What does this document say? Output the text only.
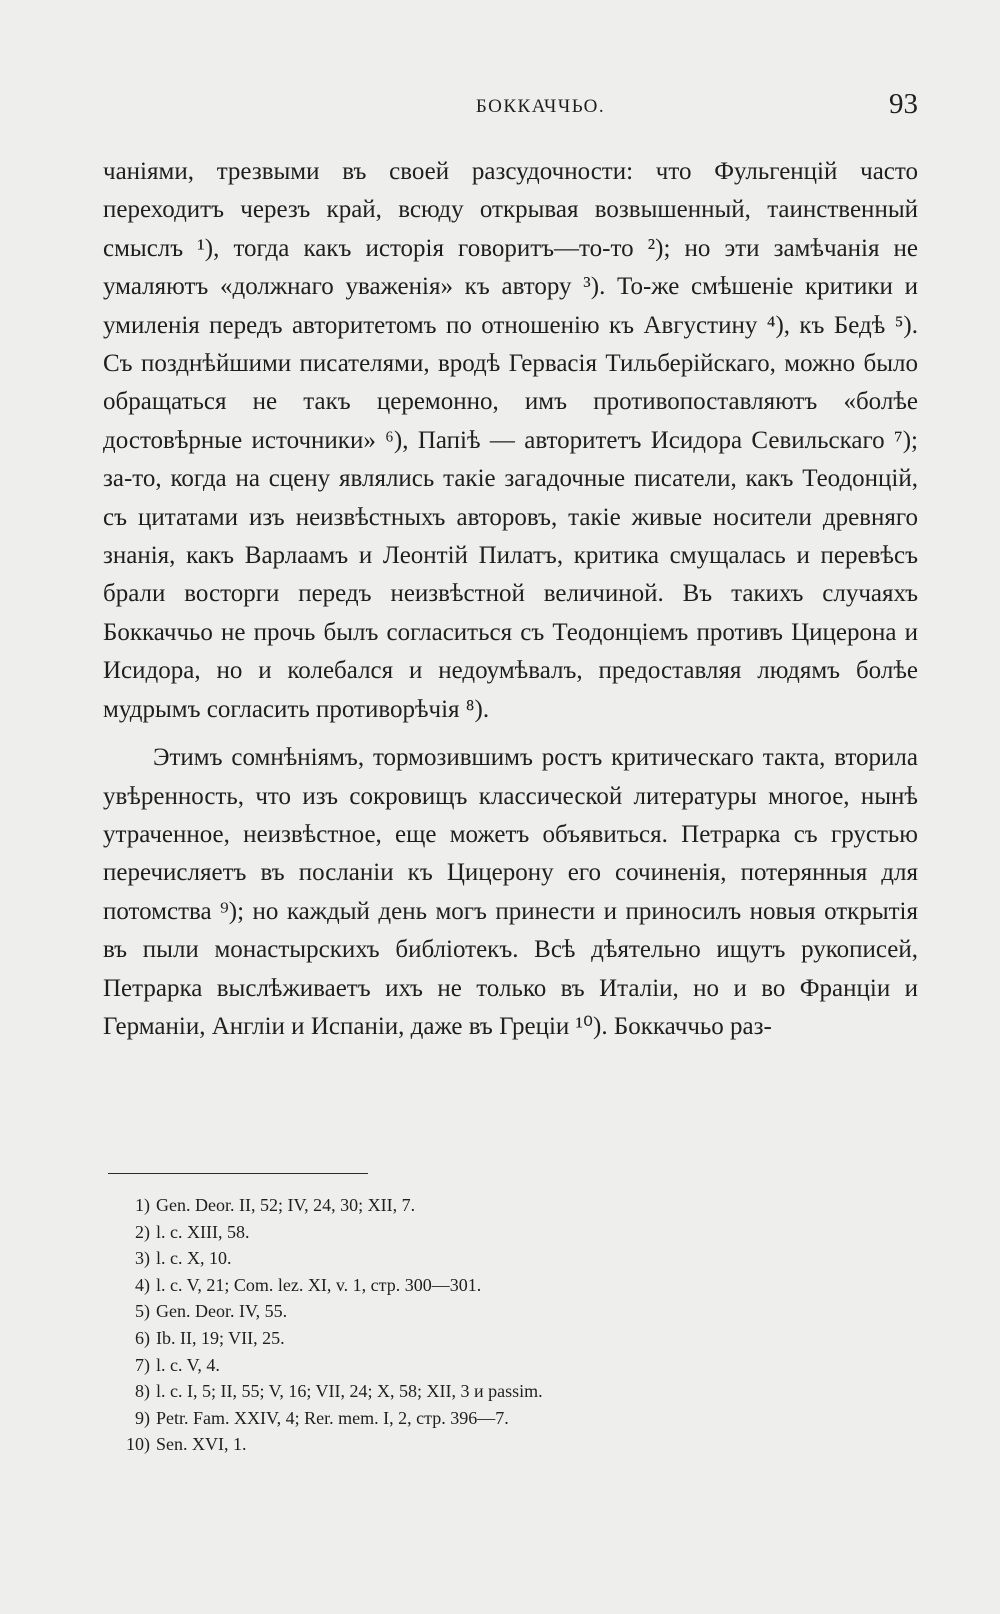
БОККАЧЧЬО.	93

чаніями, трезвыми въ своей разсудочности: что Фульгенцій часто переходитъ черезъ край, всюду открывая возвышенный, таинственный смыслъ ¹), тогда какъ исторія говоритъ—то-то ²); но эти замѣчанія не умаляютъ «должнаго уваженія» къ автору ³). То-же смѣшеніе критики и умиленія передъ авторитетомъ по отношенію къ Августину ⁴), къ Бедѣ ⁵). Съ позднѣйшими писателями, вродѣ Гервасія Тильберійскаго, можно было обращаться не такъ церемонно, имъ противопоставляютъ «болѣе достовѣрные источники» ⁶), Папіѣ — авторитетъ Исидора Севильскаго ⁷); за-то, когда на сцену являлись такіе загадочные писатели, какъ Теодонцій, съ цитатами изъ неизвѣстныхъ авторовъ, такіе живые носители древняго знанія, какъ Варлаамъ и Леонтій Пилатъ, критика смущалась и перевѣсъ брали восторги передъ неизвѣстной величиной. Въ такихъ случаяхъ Боккаччьо не прочь былъ согласиться съ Теодонціемъ противъ Цицерона и Исидора, но и колебался и недоумѣвалъ, предоставляя людямъ болѣе мудрымъ согласить противорѣчія ⁸).

Этимъ сомнѣніямъ, тормозившимъ ростъ критическаго такта, вторила увѣренность, что изъ сокровищъ классической литературы многое, нынѣ утраченное, неизвѣстное, еще можетъ объявиться. Петрарка съ грустью перечисляетъ въ посланіи къ Цицерону его сочиненія, потерянныя для потомства ⁹); но каждый день могъ принести и приносилъ новыя открытія въ пыли монастырскихъ библіотекъ. Всѣ дѣятельно ищутъ рукописей, Петрарка выслѣживаетъ ихъ не только въ Италіи, но и во Франціи и Германіи, Англіи и Испаніи, даже въ Греціи ¹⁰). Боккаччьо раз-

1) Gen. Deor. II, 52; IV, 24, 30; XII, 7.
2) l. c. XIII, 58.
3) l. c. X, 10.
4) l. c. V, 21; Com. lez. XI, v. 1, стр. 300—301.
5) Gen. Deor. IV, 55.
6) Ib. II, 19; VII, 25.
7) l. c. V, 4.
8) l. c. I, 5; II, 55; V, 16; VII, 24; X, 58; XII, 3 и passim.
9) Petr. Fam. XXIV, 4; Rer. mem. I, 2, стр. 396—7.
10) Sen. XVI, 1.
